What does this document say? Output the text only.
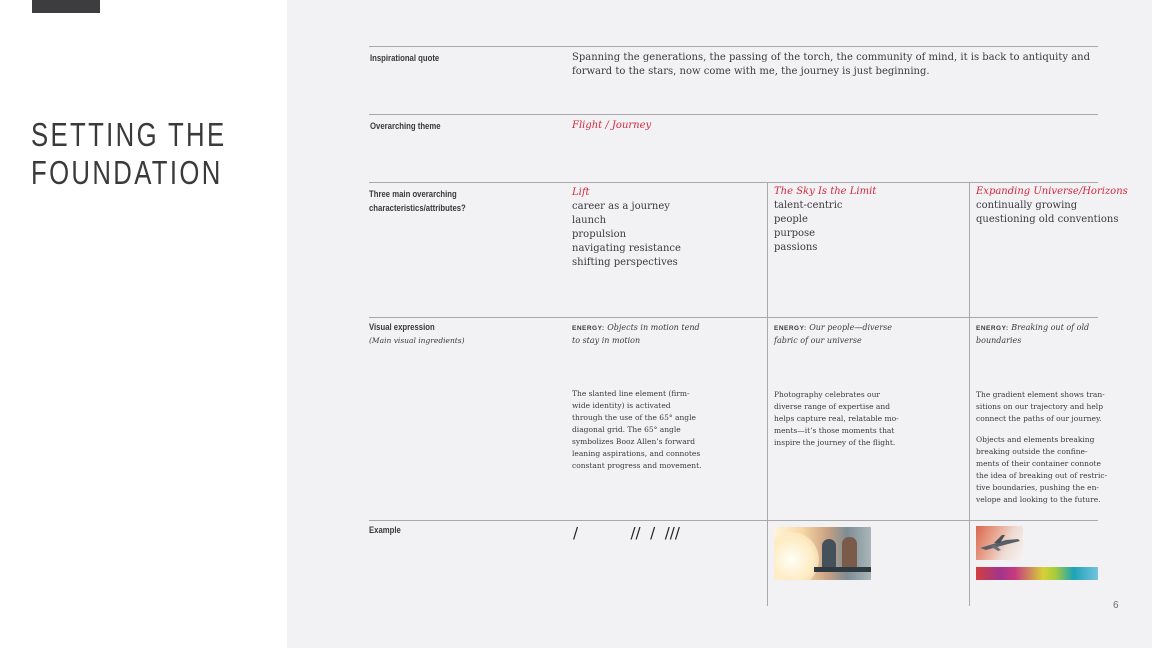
SETTING THE
FOUNDATION
Inspirational quote
Overarching theme
Three main overarching
characteristics/attributes?
Visual expression
(Main visual ingredients)
Example
Spanning the generations, the passing of the torch, the community of mind, it is back to antiquity and forward to the stars, now come with me, the journey is just beginning.
Flight / Journey
Lift
career as a journey
launch
propulsion
navigating resistance
shifting perspectives
ENERGY: Objects in motion tend
to stay in motion
The slanted line element (firm-
wide identity) is activated
through the use of the 65° angle
diagonal grid. The 65° angle
symbolizes Booz Allen’s forward
leaning aspirations, and connotes
constant progress and movement.
/           //  /  ///
The Sky Is the Limit
talent-centric
people
purpose
passions
ENERGY: Our people—diverse
fabric of our universe
Photography celebrates our
diverse range of expertise and
helps capture real, relatable mo-
ments—it’s those moments that
inspire the journey of the flight.
Expanding Universe/Horizons
continually growing
questioning old conventions
ENERGY: Breaking out of old
boundaries

The gradient element shows tran-
sitions on our trajectory and help
connect the paths of our journey.

Objects and elements breaking
breaking outside the confine-
ments of their container connote
the idea of breaking out of restric-
tive boundaries, pushing the en-
velope and looking to the future.

6
